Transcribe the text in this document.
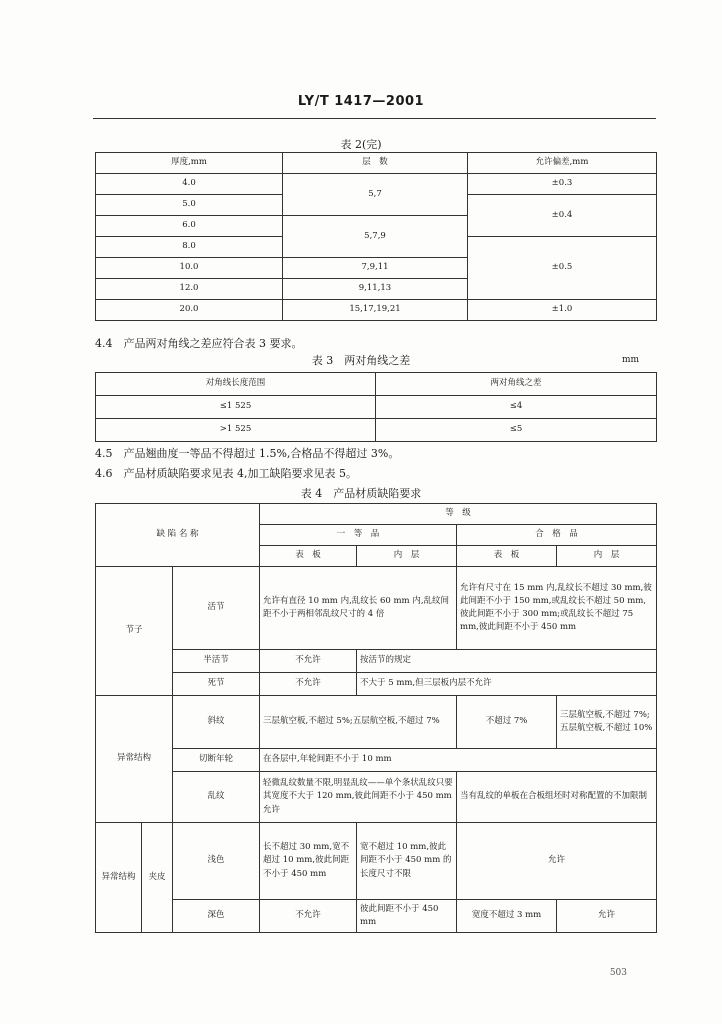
LY/T 1417—2001
表 2(完)
厚度,mm	层　数	允许偏差,mm
4.0	5,7	±0.3
5.0		±0.4
6.0	5,7,9	
8.0		±0.5
10.0	7,9,11	
12.0	9,11,13	
20.0	15,17,19,21	±1.0
4.4　产品两对角线之差应符合表 3 要求。
表 3　两对角线之差	mm
对角线长度范围	两对角线之差
≤1 525	≤4
>1 525	≤5
4.5　产品翘曲度一等品不得超过 1.5%,合格品不得超过 3%。
4.6　产品材质缺陷要求见表 4,加工缺陷要求见表 5。
表 4　产品材质缺陷要求
缺 陷 名 称			等　级			
			一　等　品		合　格　品	
			表　板	内　层	表　板	内　层
节子		活节	允许有直径 10 mm 内,乱纹长 60 mm 内,乱纹间距不小于两相邻乱纹尺寸的 4 倍		允许有尺寸在 15 mm 内,乱纹长不超过 30 mm,彼此间距不小于 150 mm,或乱纹长不超过 50 mm,彼此间距不小于 300 mm;或乱纹长不超过 75 mm,彼此间距不小于 450 mm	
		半活节	不允许	按活节的规定		
		死节	不允许	不大于 5 mm,但三层板内层不允许		
异常结构		斜纹	三层航空板,不超过 5%;五层航空板,不超过 7%		不超过 7%	三层航空板,不超过 7%;五层航空板,不超过 10%
		切断年轮	在各层中,年轮间距不小于 10 mm			
		乱纹	轻微乱纹数量不限,明显乱纹——单个条状乱纹只要其宽度不大于 120 mm,彼此间距不小于 450 mm 允许		当有乱纹的单板在合板组坯时对称配置的不加限制	
异常结构	夹皮	浅色	长不超过 30 mm,宽不超过 10 mm,彼此间距不小于 450 mm	宽不超过 10 mm,彼此间距不小于 450 mm 的长度尺寸不限	允许	
		深色	不允许	彼此间距不小于 450 mm	宽度不超过 3 mm	允许
503
